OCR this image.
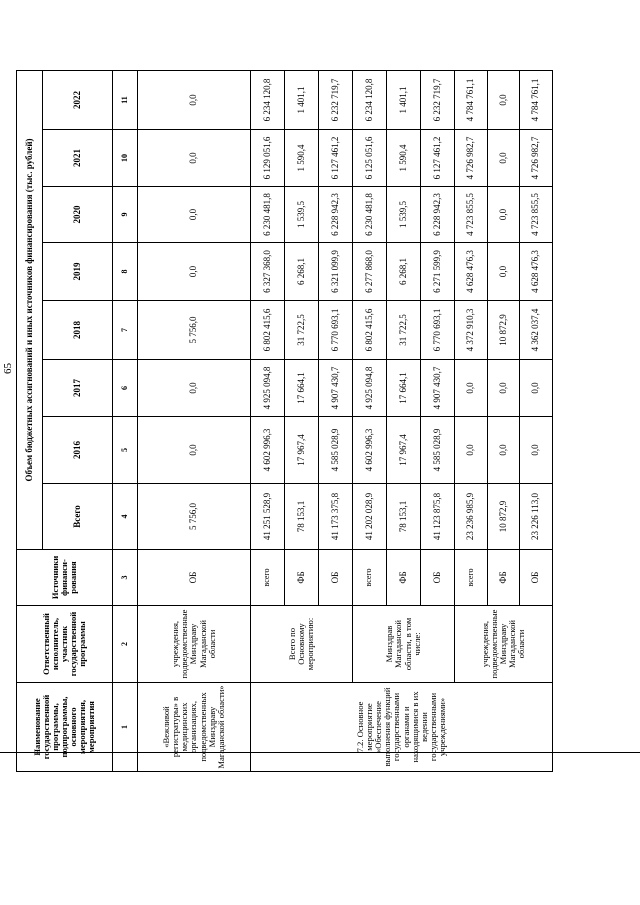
65
Наименование государственной программы, подпрограммы, основного мероприятия, мероприятия	Ответственный исполнитель, участник государственной программы	Источники финанси-рования	Объем бюджетных ассигнований и иных источников финансирования (тыс. рублей)							
			Всего	2016	2017	2018	2019	2020	2021	2022
1	2	3	4	5	6	7	8	9	10	11
«Вежливой регистратуры» в медицинских организациях, подведомственных Минздраву Магаданской области»	учреждения, подведомственные Минздраву Магаданской области	ОБ	5 756,0	0,0	0,0	5 756,0	0,0	0,0	0,0	0,0
7.2. Основное мероприятие «Обеспечение выполнения функций государственными органами и находящимися в их ведении государственными учреждениями»	Всего по Основному мероприятию:	всего	41 251 528,9	4 602 996,3	4 925 094,8	6 802 415,6	6 327 368,0	6 230 481,8	6 129 051,6	6 234 120,8
		ФБ	78 153,1	17 967,4	17 664,1	31 722,5	6 268,1	1 539,5	1 590,4	1 401,1
		ОБ	41 173 375,8	4 585 028,9	4 907 430,7	6 770 693,1	6 321 099,9	6 228 942,3	6 127 461,2	6 232 719,7
	Минздрав Магаданской области, в том числе:	всего	41 202 028,9	4 602 996,3	4 925 094,8	6 802 415,6	6 277 868,0	6 230 481,8	6 125 051,6	6 234 120,8
		ФБ	78 153,1	17 967,4	17 664,1	31 722,5	6 268,1	1 539,5	1 590,4	1 401,1
		ОБ	41 123 875,8	4 585 028,9	4 907 430,7	6 770 693,1	6 271 599,9	6 228 942,3	6 127 461,2	6 232 719,7
	учреждения, подведомственные Минздраву Магаданской области	всего	23 236 985,9	0,0	0,0	4 372 910,3	4 628 476,3	4 723 855,5	4 726 982,7	4 784 761,1
		ФБ	10 872,9	0,0	0,0	10 872,9	0,0	0,0	0,0	0,0
		ОБ	23 226 113,0	0,0	0,0	4 362 037,4	4 628 476,3	4 723 855,5	4 726 982,7	4 784 761,1
